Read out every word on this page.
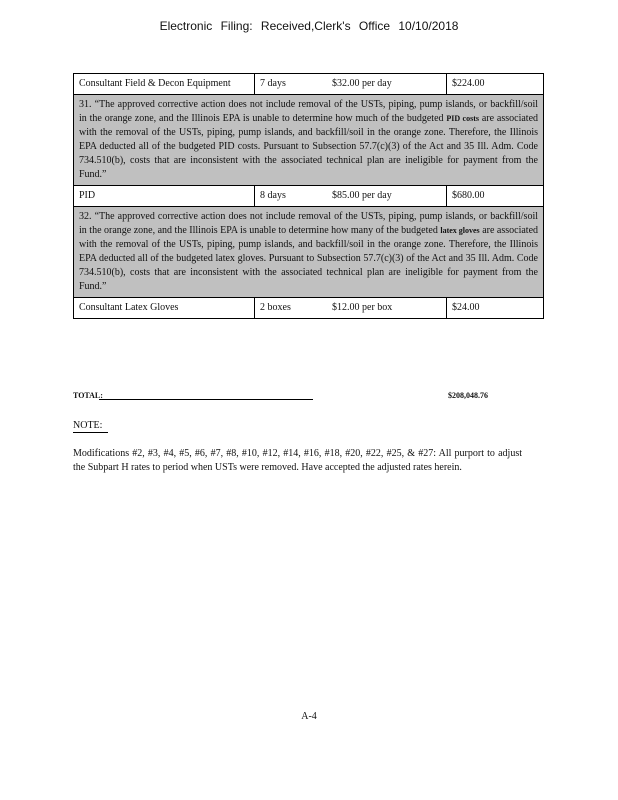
Electronic Filing: Received,Clerk's Office 10/10/2018
Consultant Field & Decon Equipment	7 days $32.00 per day	$224.00
31. “The approved corrective action does not include removal of the USTs, piping, pump islands, or backfill/soil in the orange zone, and the Illinois EPA is unable to determine how much of the budgeted PID costs are associated with the removal of the USTs, piping, pump islands, and backfill/soil in the orange zone. Therefore, the Illinois EPA deducted all of the budgeted PID costs. Pursuant to Subsection 57.7(c)(3) of the Act and 35 Ill. Adm. Code 734.510(b), costs that are inconsistent with the associated technical plan are ineligible for payment from the Fund.”		
PID	8 days $85.00 per day	$680.00
32. “The approved corrective action does not include removal of the USTs, piping, pump islands, or backfill/soil in the orange zone, and the Illinois EPA is unable to determine how many of the budgeted latex gloves are associated with the removal of the USTs, piping, pump islands, and backfill/soil in the orange zone. Therefore, the Illinois EPA deducted all of the budgeted latex gloves. Pursuant to Subsection 57.7(c)(3) of the Act and 35 Ill. Adm. Code 734.510(b), costs that are inconsistent with the associated technical plan are ineligible for payment from the Fund.”		
Consultant Latex Gloves	2 boxes $12.00 per box	$24.00
TOTAL:	$208,048.76
NOTE:
Modifications #2, #3, #4, #5, #6, #7, #8, #10, #12, #14, #16, #18, #20, #22, #25, & #27: All purport to adjust the Subpart H rates to period when USTs were removed. Have accepted the adjusted rates herein.
A-4
